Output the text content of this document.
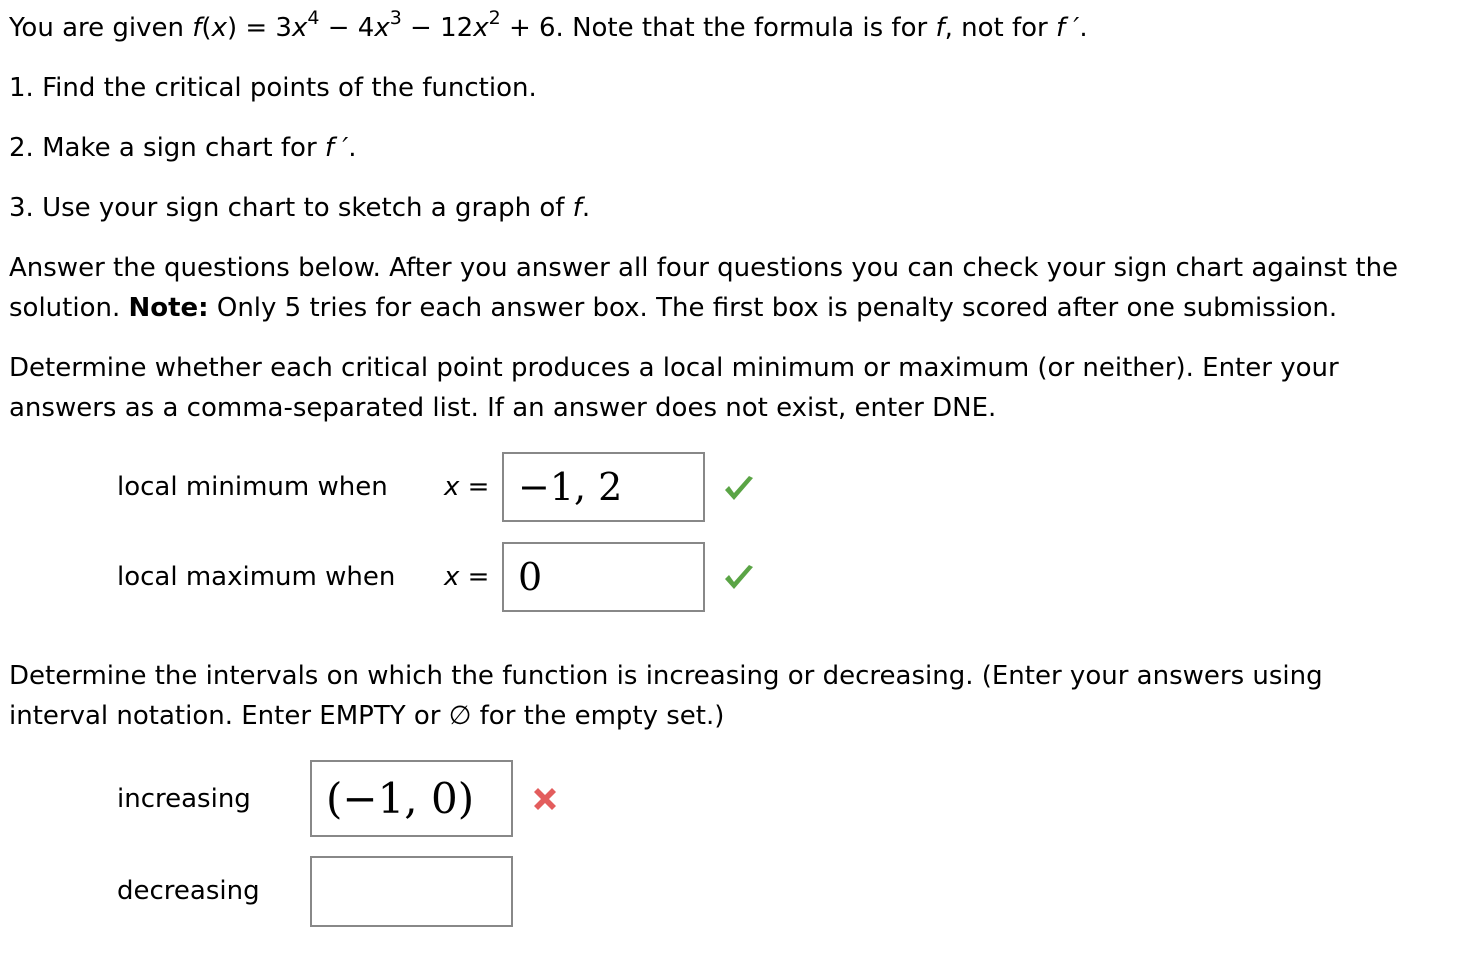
You are given $f(x) = 3x^4 - 4x^3 - 12x^2 + 6$. Note that the formula is for f, not for f ′.
1. Find the critical points of the function.
2. Make a sign chart for f ′.
3. Use your sign chart to sketch a graph of f.
Answer the questions below. After you answer all four questions you can check your sign chart against the
solution. Note: Only 5 tries for each answer box. The first box is penalty scored after one submission.
Determine whether each critical point produces a local minimum or maximum (or neither). Enter your
answers as a comma-separated list. If an answer does not exist, enter DNE.
local minimum when x = −1, 2
local maximum when x = 0
Determine the intervals on which the function is increasing or decreasing. (Enter your answers using
interval notation. Enter EMPTY or ∅ for the empty set.)
increasing	(−1, 0)
decreasing
